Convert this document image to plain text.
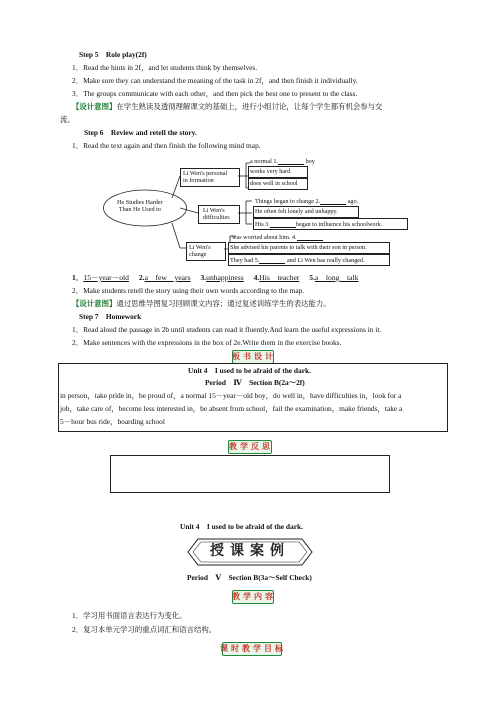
Step 5　Role play(2f)
1．Read the hints in 2f，and let students think by themselves.
2．Make sure they can understand the meaning of the task in 2f，and then finish it individually.
3．The groups communicate with each other，and then pick the best one to present to the class.
【设计意图】在学生熟读及透彻理解课文的基础上，进行小组讨论，让每个学生都有机会参与交
流。
Step 6　Review and retell the story.
1．Read the text again and then finish the following mind map.
He Studies Harder
Than He Used to
Li Wen's personal
in formation
a normal 1.	boy
works very hard
does well in school
Li Wen's
difficulties
Things began to change 2.	ago.
He often felt lonely and unhappy.
His 3.	began to influence his schoolwork.
Li Wen's
change
was worried about him. 4.
She advised his parents to talk with their son in person.
They had 5.	and Li Wen has really changed.
1．15－year－old 2.a　few　years 3.unhappiness 4.His　teacher 5.a　long　talk
2．Make students retell the story using their own words according to the map.
【设计意图】通过思维导图复习回顾课文内容；通过复述训练学生的表达能力。
Step 7　Homework
1．Read aloud the passage in 2b until students can read it fluently.And learn the useful expressions in it.
2．Make sentences with the expressions in the box of 2e.Write them in the exercise books.
板 书 设 计
Unit 4　I used to be afraid of the dark.
Period　Ⅳ　Section B(2a～2f)
in person，take pride in，be proud of，a normal 15－year－old boy，do well in，have difficulties in，look for a
job，take care of，become less interested in，be absent from school，fail the examination，make friends，take a
5－hour bus ride，boarding school
教 学 反 思
Unit 4　I used to be afraid of the dark.
授课案例
Period　Ⅴ　Section B(3a～Self Check)
教 学 内 容
1．学习用书面语言表达行为变化。
2．复习本单元学习的重点词汇和语言结构。
课 时 教 学 目 标
